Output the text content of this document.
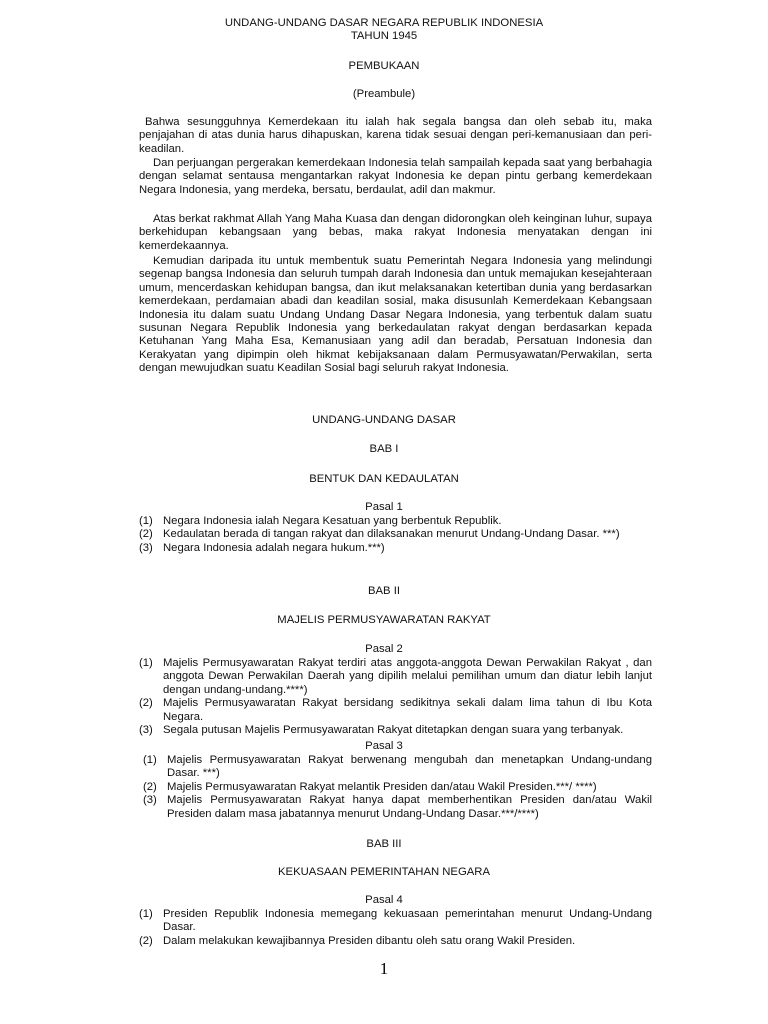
UNDANG-UNDANG DASAR NEGARA REPUBLIK INDONESIA
TAHUN 1945
PEMBUKAAN
(Preambule)
Bahwa sesungguhnya Kemerdekaan itu ialah hak segala bangsa dan oleh sebab itu, maka penjajahan di atas dunia harus dihapuskan, karena tidak sesuai dengan peri-kemanusiaan dan peri-keadilan.
Dan perjuangan pergerakan kemerdekaan Indonesia telah sampailah kepada saat yang berbahagia dengan selamat sentausa mengantarkan rakyat Indonesia ke depan pintu gerbang kemerdekaan Negara Indonesia, yang merdeka, bersatu, berdaulat, adil dan makmur.
Atas berkat rakhmat Allah Yang Maha Kuasa dan dengan didorongkan oleh keinginan luhur, supaya berkehidupan kebangsaan yang bebas, maka rakyat Indonesia menyatakan dengan ini kemerdekaannya.
Kemudian daripada itu untuk membentuk suatu Pemerintah Negara Indonesia yang melindungi segenap bangsa Indonesia dan seluruh tumpah darah Indonesia dan untuk memajukan kesejahteraan umum, mencerdaskan kehidupan bangsa, dan ikut melaksanakan ketertiban dunia yang berdasarkan kemerdekaan, perdamaian abadi dan keadilan sosial, maka disusunlah Kemerdekaan Kebangsaan Indonesia itu dalam suatu Undang Undang Dasar Negara Indonesia, yang terbentuk dalam suatu susunan Negara Republik Indonesia yang berkedaulatan rakyat dengan berdasarkan kepada Ketuhanan Yang Maha Esa, Kemanusiaan yang adil dan beradab, Persatuan Indonesia dan Kerakyatan yang dipimpin oleh hikmat kebijaksanaan dalam Permusyawatan/Perwakilan, serta dengan mewujudkan suatu Keadilan Sosial bagi seluruh rakyat Indonesia.
UNDANG-UNDANG DASAR
BAB I
BENTUK DAN KEDAULATAN
Pasal 1
(1) Negara Indonesia ialah Negara Kesatuan yang berbentuk Republik.
(2) Kedaulatan berada di tangan rakyat dan dilaksanakan menurut Undang-Undang Dasar. ***)
(3) Negara Indonesia adalah negara hukum.***)
BAB II
MAJELIS PERMUSYAWARATAN RAKYAT
Pasal 2
(1) Majelis Permusyawaratan Rakyat terdiri atas anggota-anggota Dewan Perwakilan Rakyat , dan anggota Dewan Perwakilan Daerah yang dipilih melalui pemilihan umum dan diatur lebih lanjut dengan undang-undang.****)
(2) Majelis Permusyawaratan Rakyat bersidang sedikitnya sekali dalam lima tahun di Ibu Kota Negara.
(3) Segala putusan Majelis Permusyawaratan Rakyat ditetapkan dengan suara yang terbanyak.
Pasal 3
(1) Majelis Permusyawaratan Rakyat berwenang mengubah dan menetapkan Undang-undang Dasar. ***)
(2) Majelis Permusyawaratan Rakyat melantik Presiden dan/atau Wakil Presiden.***/ ****)
(3) Majelis Permusyawaratan Rakyat hanya dapat memberhentikan Presiden dan/atau Wakil Presiden dalam masa jabatannya menurut Undang-Undang Dasar.***/****)
BAB III
KEKUASAAN PEMERINTAHAN NEGARA
Pasal 4
(1) Presiden Republik Indonesia memegang kekuasaan pemerintahan menurut Undang-Undang Dasar.
(2) Dalam melakukan kewajibannya Presiden dibantu oleh satu orang Wakil Presiden.
1
